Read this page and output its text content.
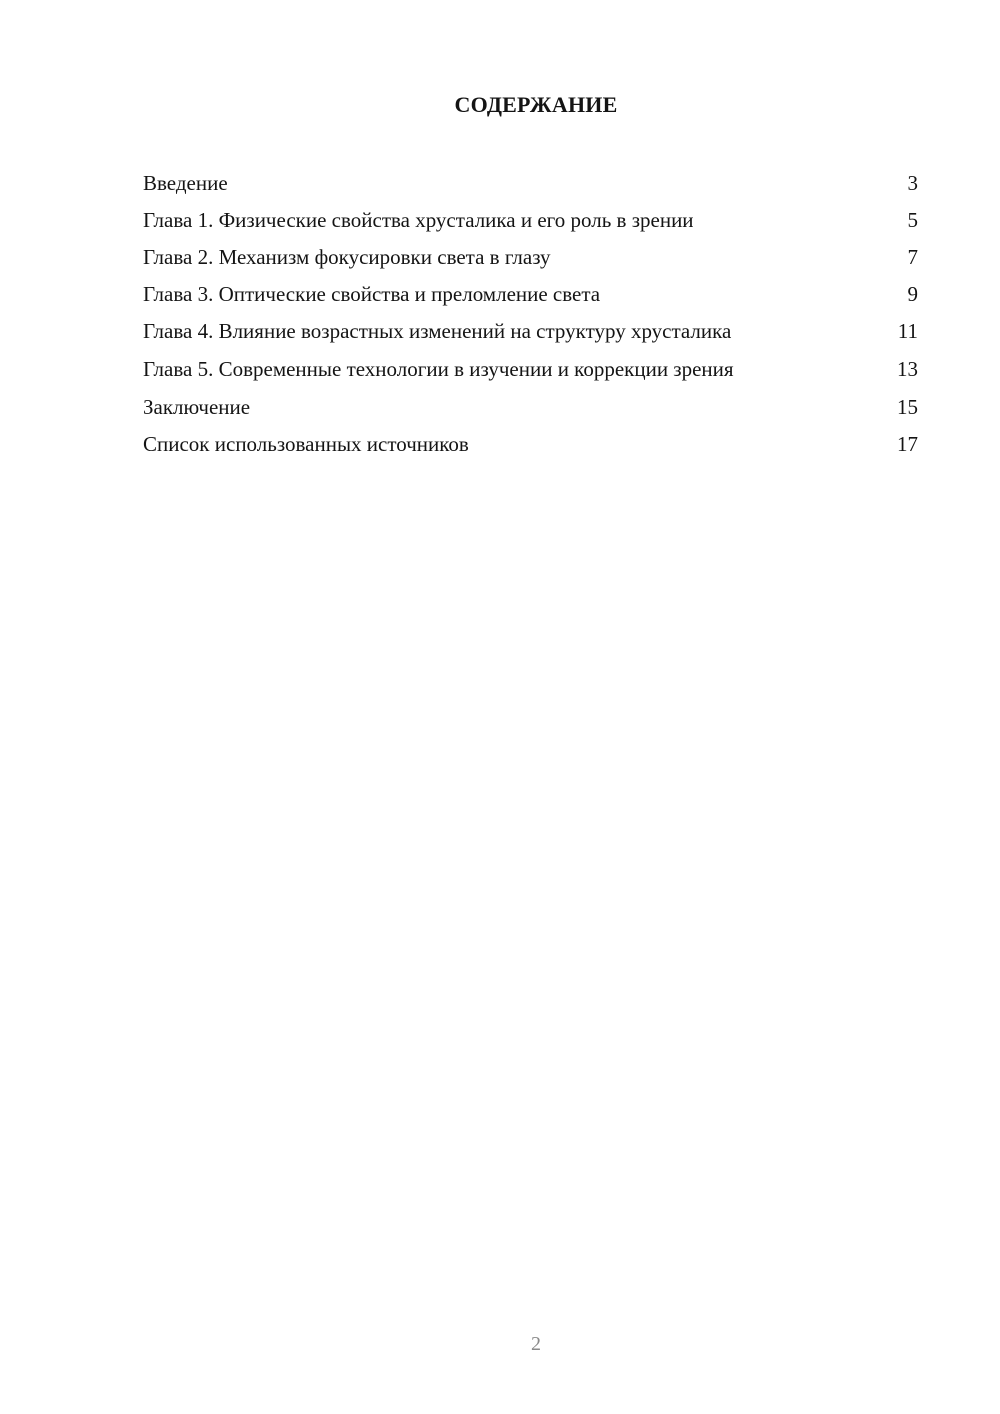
СОДЕРЖАНИЕ
Введение	3
Глава 1. Физические свойства хрусталика и его роль в зрении	5
Глава 2. Механизм фокусировки света в глазу	7
Глава 3. Оптические свойства и преломление света	9
Глава 4. Влияние возрастных изменений на структуру хрусталика	11
Глава 5. Современные технологии в изучении и коррекции зрения	13
Заключение	15
Список использованных источников	17
2
